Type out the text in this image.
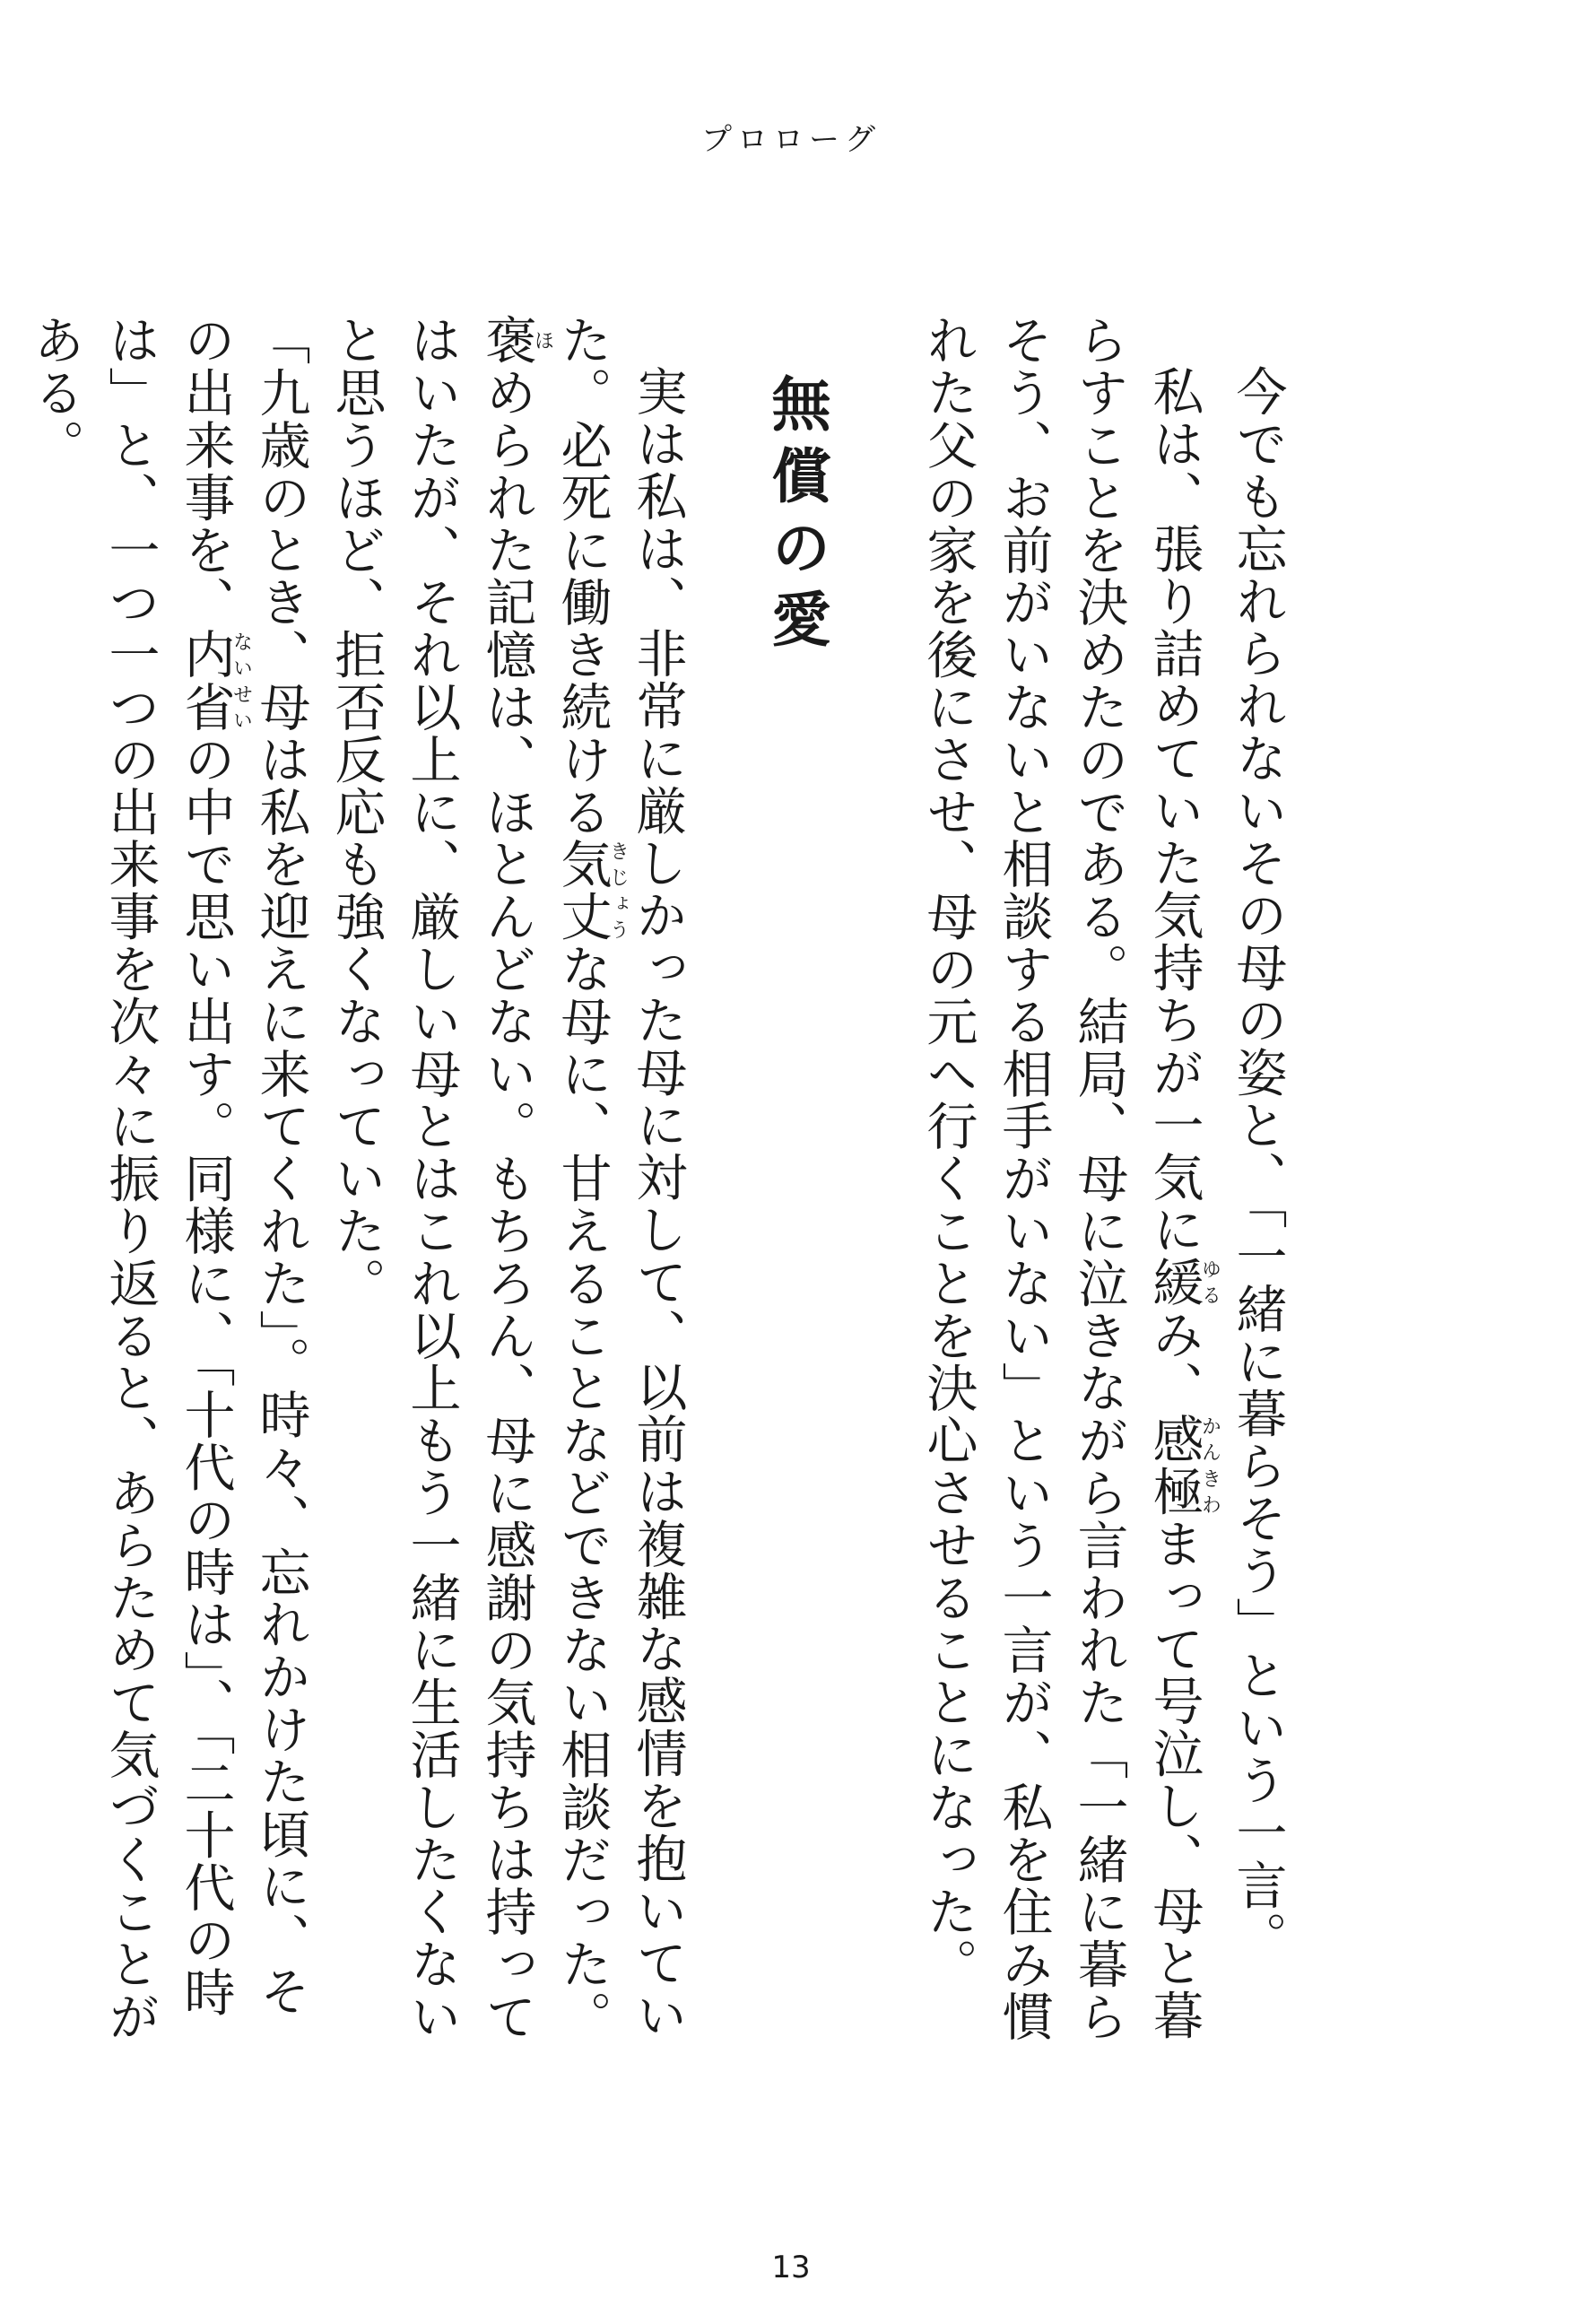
プロローグ

今でも忘れられないその母の姿と、「一緒に暮らそう」という一言。

私は、張り詰めていた気持ちが一気に緩ゆるみ、感極かんきわまって号泣し、母と暮らすことを決めたのである。結局、母に泣きながら言われた「一緒に暮らそう、お前がいないと相談する相手がいない」という一言が、私を住み慣れた父の家を後にさせ、母の元へ行くことを決心させることになった。

無償の愛

実は私は、非常に厳しかった母に対して、以前は複雑な感情を抱いていた。必死に働き続ける気丈きじょうな母に、甘えることなどできない相談だった。褒ほめられた記憶は、ほとんどない。もちろん、母に感謝の気持ちは持ってはいたが、それ以上に、厳しい母とはこれ以上もう一緒に生活したくないと思うほど、拒否反応も強くなっていた。

「九歳のとき、母は私を迎えに来てくれた」。時々、忘れかけた頃に、その出来事を、内ない省せいの中で思い出す。同様に、「十代の時は」、「二十代の時は」と、一つ一つの出来事を次々に振り返ると、あらためて気づくことがある。

13
